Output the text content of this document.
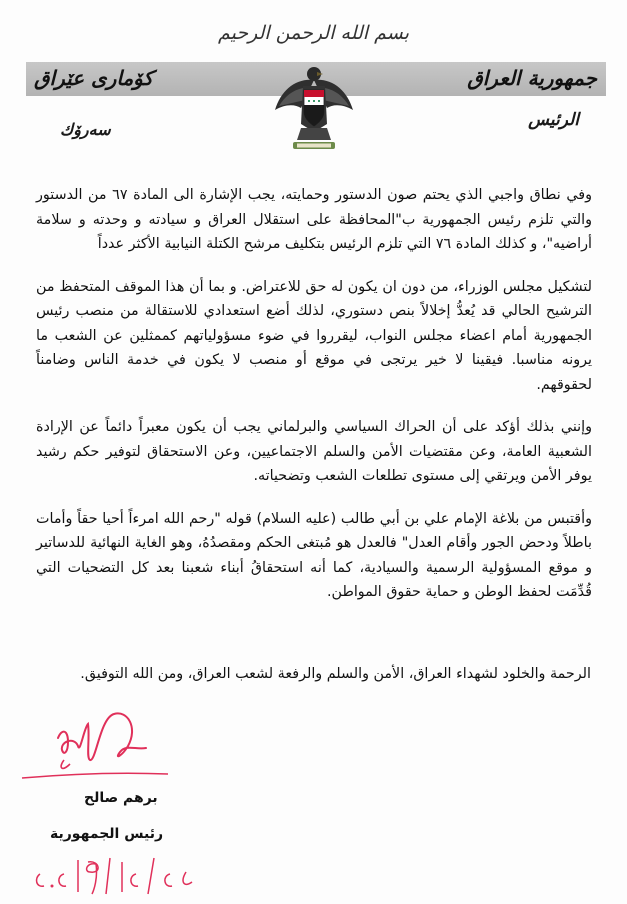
بسم الله الرحمن الرحيم
جمهورية العراق
كۆماری عێراق
الرئيس
سەرۆك

وفي نطاق واجبي الذي يحتم صون الدستور وحمايته، يجب الإشارة الى المادة ٦٧ من الدستور والتي تلزم رئيس الجمهورية ب"المحافظة على استقلال العراق و سيادته و وحدته و سلامة أراضيه"، و كذلك المادة ٧٦ التي تلزم الرئيس بتكليف مرشح الكتلة النيابية الأكثر عدداً

لتشكيل مجلس الوزراء، من دون ان يكون له حق للاعتراض. و بما أن هذا الموقف المتحفظ من الترشيح الحالي قد يُعدُّ إخلالاً بنص دستوري، لذلك أضع استعدادي للاستقالة من منصب رئيس الجمهورية أمام اعضاء مجلس النواب، ليقرروا في ضوء مسؤولياتهم كممثلين عن الشعب ما يرونه مناسبا. فيقينا لا خير يرتجى في موقع أو منصب لا يكون في خدمة الناس وضامناً لحقوقهم.

وإنني بذلك أؤكد على أن الحراك السياسي والبرلماني يجب أن يكون معبراً دائماً عن الإرادة الشعبية العامة، وعن مقتضيات الأمن والسلم الاجتماعيين، وعن الاستحقاق لتوفير حكم رشيد يوفر الأمن ويرتقي إلى مستوى تطلعات الشعب وتضحياته.

وأقتبس من بلاغة الإمام علي بن أبي طالب (عليه السلام) قوله "رحم الله امرءاً أحيا حقاً وأمات باطلاً ودحض الجور وأقام العدل" فالعدل هو مُبتغى الحكم ومقصدُهُ، وهو الغاية النهائية للدساتير و موقع المسؤولية الرسمية والسيادية، كما أنه استحقاقُ أبناء شعبنا بعد كل التضحيات التي قُدِّمَت لحفظ الوطن و حماية حقوق المواطن.

الرحمة والخلود لشهداء العراق، الأمن والسلم والرفعة لشعب العراق، ومن الله التوفيق.
برهم صالح
رئيس الجمهورية
